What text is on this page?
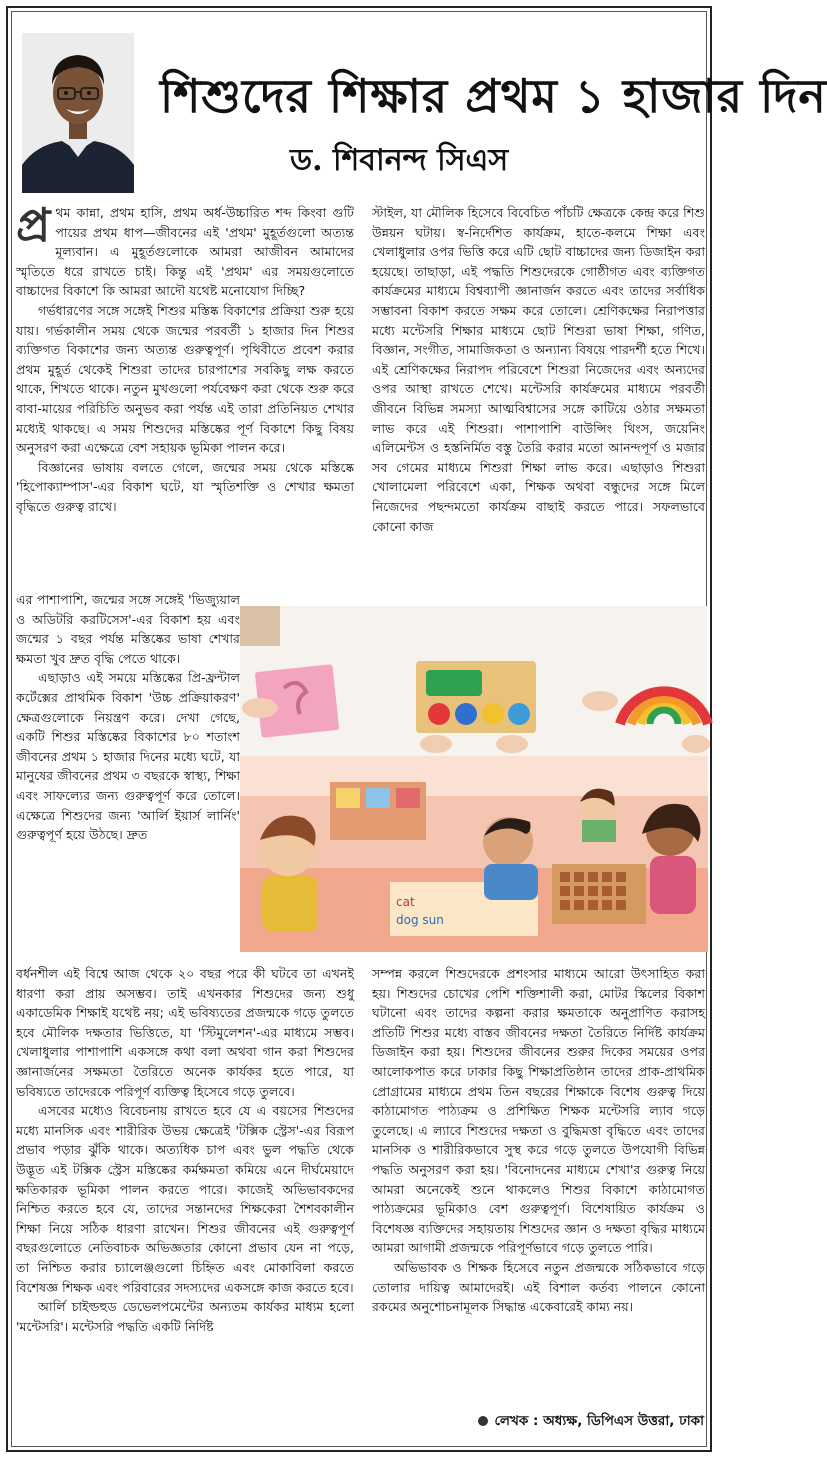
শিশুদের শিক্ষার প্রথম ১ হাজার দিন
ড. শিবানন্দ সিএস

প্র থম কান্না, প্রথম হাসি, প্রথম অর্ধ-উচ্চারিত শব্দ কিংবা গুটি পায়ের প্রথম ধাপ—জীবনের এই 'প্রথম' মুহূর্তগুলো অত্যন্ত মূল্যবান। এ মুহূর্তগুলোকে আমরা আজীবন আমাদের স্মৃতিতে ধরে রাখতে চাই। কিন্তু এই 'প্রথম' এর সময়গুলোতে বাচ্চাদের বিকাশে কি আমরা আদৌ যথেষ্ট মনোযোগ দিচ্ছি?

গর্ভধারণের সঙ্গে সঙ্গেই শিশুর মস্তিষ্ক বিকাশের প্রক্রিয়া শুরু হয়ে যায়। গর্ভকালীন সময় থেকে জন্মের পরবর্তী ১ হাজার দিন শিশুর ব্যক্তিগত বিকাশের জন্য অত্যন্ত গুরুত্বপূর্ণ। পৃথিবীতে প্রবেশ করার প্রথম মুহূর্ত থেকেই শিশুরা তাদের চারপাশের সবকিছু লক্ষ করতে থাকে, শিখতে থাকে। নতুন মুখগুলো পর্যবেক্ষণ করা থেকে শুরু করে বাবা-মায়ের পরিচিতি অনুভব করা পর্যন্ত এই তারা প্রতিনিয়ত শেখার মধ্যেই থাকছে। এ সময় শিশুদের মস্তিষ্কের পূর্ণ বিকাশে কিছু বিষয় অনুসরণ করা এক্ষেত্রে বেশ সহায়ক ভূমিকা পালন করে।

বিজ্ঞানের ভাষায় বলতে গেলে, জন্মের সময় থেকে মস্তিষ্কে 'হিপোক্যাম্পাস'-এর বিকাশ ঘটে, যা স্মৃতিশক্তি ও শেখার ক্ষমতা বৃদ্ধিতে গুরুত্ব রাখে।

এর পাশাপাশি, জন্মের সঙ্গে সঙ্গেই 'ভিজ্যুয়াল ও অডিটরি করটিসেস'-এর বিকাশ হয় এবং জন্মের ১ বছর পর্যন্ত মস্তিষ্কের ভাষা শেখার ক্ষমতা খুব দ্রুত বৃদ্ধি পেতে থাকে।

এছাড়াও এই সময়ে মস্তিষ্কের প্রি-ফ্রন্টাল কর্টেক্সের প্রাথমিক বিকাশ 'উচ্চ প্রক্রিয়াকরণ' ক্ষেত্রগুলোকে নিয়ন্ত্রণ করে। দেখা গেছে, একটি শিশুর মস্তিষ্কের বিকাশের ৮০ শতাংশ জীবনের প্রথম ১ হাজার দিনের মধ্যে ঘটে, যা মানুষের জীবনের প্রথম ৩ বছরকে স্বাস্থ্য, শিক্ষা এবং সাফল্যের জন্য গুরুত্বপূর্ণ করে তোলে। এক্ষেত্রে শিশুদের জন্য 'আর্লি ইয়ার্স লার্নিং' গুরুত্বপূর্ণ হয়ে উঠছে। দ্রুত

স্টাইল, যা মৌলিক হিসেবে বিবেচিত পাঁচটি ক্ষেত্রকে কেন্দ্র করে শিশু উন্নয়ন ঘটায়। স্ব-নির্দেশিত কার্যক্রম, হাতে-কলমে শিক্ষা এবং খেলাধুলার ওপর ভিত্তি করে এটি ছোট বাচ্চাদের জন্য ডিজাইন করা হয়েছে। তাছাড়া, এই পদ্ধতি শিশুদেরকে গোষ্ঠীগত এবং ব্যক্তিগত কার্যক্রমের মাধ্যমে বিশ্বব্যাপী জ্ঞানার্জন করতে এবং তাদের সর্বাধিক সম্ভাবনা বিকাশ করতে সক্ষম করে তোলে। শ্রেণিকক্ষের নিরাপত্তার মধ্যে মন্টেসরি শিক্ষার মাধ্যমে ছোট শিশুরা ভাষা শিক্ষা, গণিত, বিজ্ঞান, সংগীত, সামাজিকতা ও অন্যান্য বিষয়ে পারদর্শী হতে শিখে। এই শ্রেণিকক্ষের নিরাপদ পরিবেশে শিশুরা নিজেদের এবং অন্যদের ওপর আস্থা রাখতে শেখে। মন্টেসরি কার্যক্রমের মাধ্যমে পরবর্তী জীবনে বিভিন্ন সমস্যা আত্মবিশ্বাসের সঙ্গে কাটিয়ে ওঠার সক্ষমতা লাভ করে এই শিশুরা। পাশাপাশি বাউন্সিং থিংস, জয়েনিং এলিমেন্টস ও হস্তনির্মিত বস্তু তৈরি করার মতো আনন্দপূর্ণ ও মজার সব গেমের মাধ্যমে শিশুরা শিক্ষা লাভ করে। এছাড়াও শিশুরা খোলামেলা পরিবেশে একা, শিক্ষক অথবা বন্ধুদের সঙ্গে মিলে নিজেদের পছন্দমতো কার্যক্রম বাছাই করতে পারে। সফলভাবে কোনো কাজ

cat
dog sun

বর্ধনশীল এই বিশ্বে আজ থেকে ২০ বছর পরে কী ঘটবে তা এখনই ধারণা করা প্রায় অসম্ভব। তাই এখনকার শিশুদের জন্য শুধু একাডেমিক শিক্ষাই যথেষ্ট নয়; এই ভবিষ্যতের প্রজন্মকে গড়ে তুলতে হবে মৌলিক দক্ষতার ভিত্তিতে, যা 'স্টিমুলেশন'-এর মাধ্যমে সম্ভব। খেলাধুলার পাশাপাশি একসঙ্গে কথা বলা অথবা গান করা শিশুদের জ্ঞানার্জনের সক্ষমতা তৈরিতে অনেক কার্যকর হতে পারে, যা ভবিষ্যতে তাদেরকে পরিপূর্ণ ব্যক্তিত্ব হিসেবে গড়ে তুলবে।

এসবের মধ্যেও বিবেচনায় রাখতে হবে যে এ বয়সের শিশুদের মধ্যে মানসিক এবং শারীরিক উভয় ক্ষেত্রেই 'টক্সিক স্ট্রেস'-এর বিরূপ প্রভাব পড়ার ঝুঁকি থাকে। অত্যধিক চাপ এবং ভুল পদ্ধতি থেকে উদ্ভূত এই টক্সিক স্ট্রেস মস্তিষ্কের কর্মক্ষমতা কমিয়ে এনে দীর্ঘমেয়াদে ক্ষতিকারক ভূমিকা পালন করতে পারে। কাজেই অভিভাবকদের নিশ্চিত করতে হবে যে, তাদের সন্তানদের শিক্ষকেরা শৈশবকালীন শিক্ষা নিয়ে সঠিক ধারণা রাখেন। শিশুর জীবনের এই গুরুত্বপূর্ণ বছরগুলোতে নেতিবাচক অভিজ্ঞতার কোনো প্রভাব যেন না পড়ে, তা নিশ্চিত করার চ্যালেঞ্জগুলো চিহ্নিত এবং মোকাবিলা করতে বিশেষজ্ঞ শিক্ষক এবং পরিবারের সদস্যদের একসঙ্গে কাজ করতে হবে।

আর্লি চাইল্ডহুড ডেভেলপমেন্টের অন্যতম কার্যকর মাধ্যম হলো 'মন্টেসরি'। মন্টেসরি পদ্ধতি একটি নির্দিষ্ট

সম্পন্ন করলে শিশুদেরকে প্রশংসার মাধ্যমে আরো উৎসাহিত করা হয়। শিশুদের চোখের পেশি শক্তিশালী করা, মোটর স্কিলের বিকাশ ঘটানো এবং তাদের কল্পনা করার ক্ষমতাকে অনুপ্রাণিত করাসহ প্রতিটি শিশুর মধ্যে বাস্তব জীবনের দক্ষতা তৈরিতে নির্দিষ্ট কার্যক্রম ডিজাইন করা হয়। শিশুদের জীবনের শুরুর দিকের সময়ের ওপর আলোকপাত করে ঢাকার কিছু শিক্ষাপ্রতিষ্ঠান তাদের প্রাক-প্রাথমিক প্রোগ্রামের মাধ্যমে প্রথম তিন বছরের শিক্ষাকে বিশেষ গুরুত্ব দিয়ে কাঠামোগত পাঠ্যক্রম ও প্রশিক্ষিত শিক্ষক মন্টেসরি ল্যাব গড়ে তুলেছে। এ ল্যাবে শিশুদের দক্ষতা ও বুদ্ধিমত্তা বৃদ্ধিতে এবং তাদের মানসিক ও শারীরিকভাবে সুস্থ করে গড়ে তুলতে উপযোগী বিভিন্ন পদ্ধতি অনুসরণ করা হয়। 'বিনোদনের মাধ্যমে শেখা'র গুরুত্ব নিয়ে আমরা অনেকেই শুনে থাকলেও শিশুর বিকাশে কাঠামোগত পাঠ্যক্রমের ভূমিকাও বেশ গুরুত্বপূর্ণ। বিশেষায়িত কার্যক্রম ও বিশেষজ্ঞ ব্যক্তিদের সহায়তায় শিশুদের জ্ঞান ও দক্ষতা বৃদ্ধির মাধ্যমে আমরা আগামী প্রজন্মকে পরিপূর্ণভাবে গড়ে তুলতে পারি।

অভিভাবক ও শিক্ষক হিসেবে নতুন প্রজন্মকে সঠিকভাবে গড়ে তোলার দায়িত্ব আমাদেরই। এই বিশাল কর্তব্য পালনে কোনো রকমের অনুশোচনামূলক সিদ্ধান্ত একেবারেই কাম্য নয়।

লেখক : অধ্যক্ষ, ডিপিএস উত্তরা, ঢাকা
